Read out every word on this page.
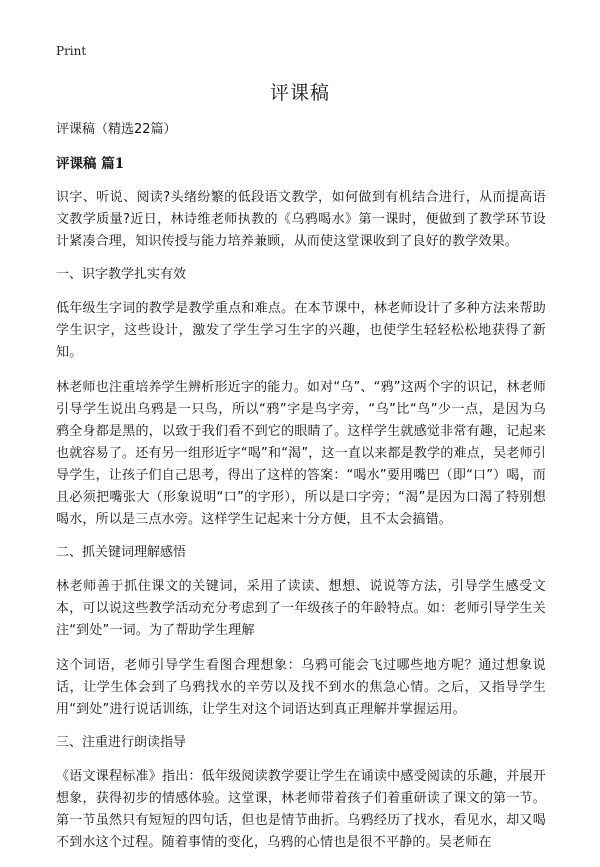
Print
评课稿

评课稿（精选22篇）

评课稿 篇1

识字、听说、阅读?头绪纷繁的低段语文教学，如何做到有机结合进行，从而提高语文教学质量?近日，林诗维老师执教的《乌鸦喝水》第一课时，便做到了教学环节设计紧凑合理，知识传授与能力培养兼顾，从而使这堂课收到了良好的教学效果。

一、识字教学扎实有效

低年级生字词的教学是教学重点和难点。在本节课中，林老师设计了多种方法来帮助学生识字，这些设计，激发了学生学习生字的兴趣，也使学生轻轻松松地获得了新知。

林老师也注重培养学生辨析形近字的能力。如对“乌”、“鸦”这两个字的识记，林老师引导学生说出乌鸦是一只鸟，所以“鸦”字是鸟字旁，“乌”比“鸟”少一点，是因为乌鸦全身都是黑的，以致于我们看不到它的眼睛了。这样学生就感觉非常有趣，记起来也就容易了。还有另一组形近字“喝”和“渴”，这一直以来都是教学的难点，吴老师引导学生，让孩子们自己思考，得出了这样的答案：“喝水”要用嘴巴（即“口”）喝，而且必须把嘴张大（形象说明“口”的字形），所以是口字旁；“渴”是因为口渴了特别想喝水，所以是三点水旁。这样学生记起来十分方便，且不太会搞错。

二、抓关键词理解感悟

林老师善于抓住课文的关键词，采用了读读、想想、说说等方法，引导学生感受文本，可以说这些教学活动充分考虑到了一年级孩子的年龄特点。如：老师引导学生关注“到处”一词。为了帮助学生理解

这个词语，老师引导学生看图合理想象：乌鸦可能会飞过哪些地方呢？通过想象说话，让学生体会到了乌鸦找水的辛劳以及找不到水的焦急心情。之后，又指导学生用“到处”进行说话训练，让学生对这个词语达到真正理解并掌握运用。

三、注重进行朗读指导

《语文课程标准》指出：低年级阅读教学要让学生在诵读中感受阅读的乐趣，并展开想象，获得初步的情感体验。这堂课，林老师带着孩子们着重研读了课文的第一节。第一节虽然只有短短的四句话，但也是情节曲折。乌鸦经历了找水，看见水，却又喝不到水这个过程。随着事情的变化，乌鸦的心情也是很不平静的。吴老师在
